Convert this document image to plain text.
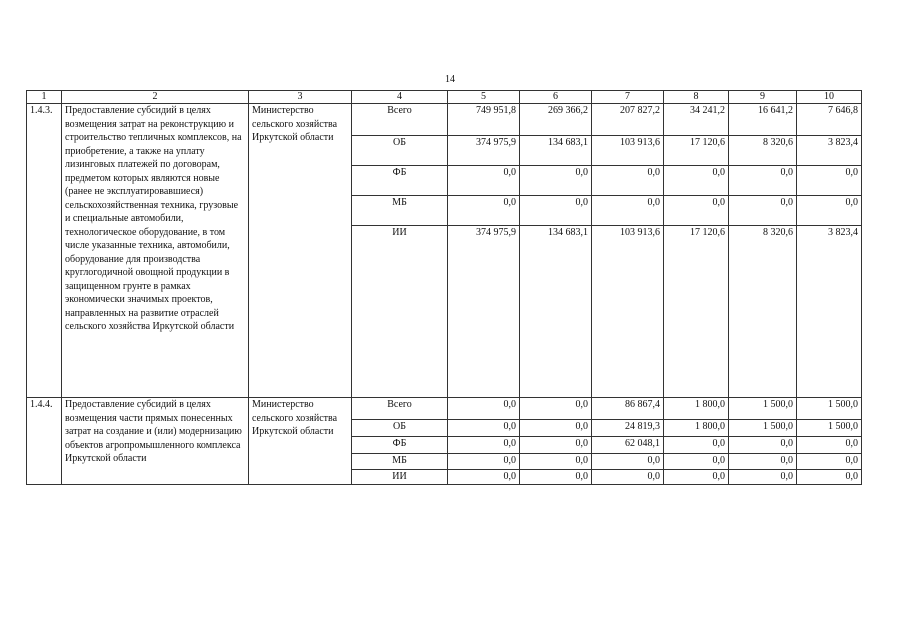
14
1	2	3	4	5	6	7	8	9	10
1.4.3.	Предоставление субсидий в целях возмещения затрат на реконструкцию и строительство тепличных комплексов, на приобретение, а также на уплату лизинговых платежей по договорам, предметом которых являются новые (ранее не эксплуатировавшиеся) сельскохозяйственная техника, грузовые и специальные автомобили, технологическое оборудование, в том числе указанные техника, автомобили, оборудование для производства круглогодичной овощной продукции в защищенном грунте в рамках экономически значимых проектов, направленных на развитие отраслей сельского хозяйства Иркутской области	Министерство сельского хозяйства Иркутской области	Всего	749 951,8	269 366,2	207 827,2	34 241,2	16 641,2	7 646,8
			ОБ	374 975,9	134 683,1	103 913,6	17 120,6	8 320,6	3 823,4
			ФБ	0,0	0,0	0,0	0,0	0,0	0,0
			МБ	0,0	0,0	0,0	0,0	0,0	0,0
			ИИ	374 975,9	134 683,1	103 913,6	17 120,6	8 320,6	3 823,4
1.4.4.	Предоставление субсидий в целях возмещения части прямых понесенных затрат на создание и (или) модернизацию объектов агропромышленного комплекса Иркутской области	Министерство сельского хозяйства Иркутской области	Всего	0,0	0,0	86 867,4	1 800,0	1 500,0	1 500,0
			ОБ	0,0	0,0	24 819,3	1 800,0	1 500,0	1 500,0
			ФБ	0,0	0,0	62 048,1	0,0	0,0	0,0
			МБ	0,0	0,0	0,0	0,0	0,0	0,0
			ИИ	0,0	0,0	0,0	0,0	0,0	0,0
